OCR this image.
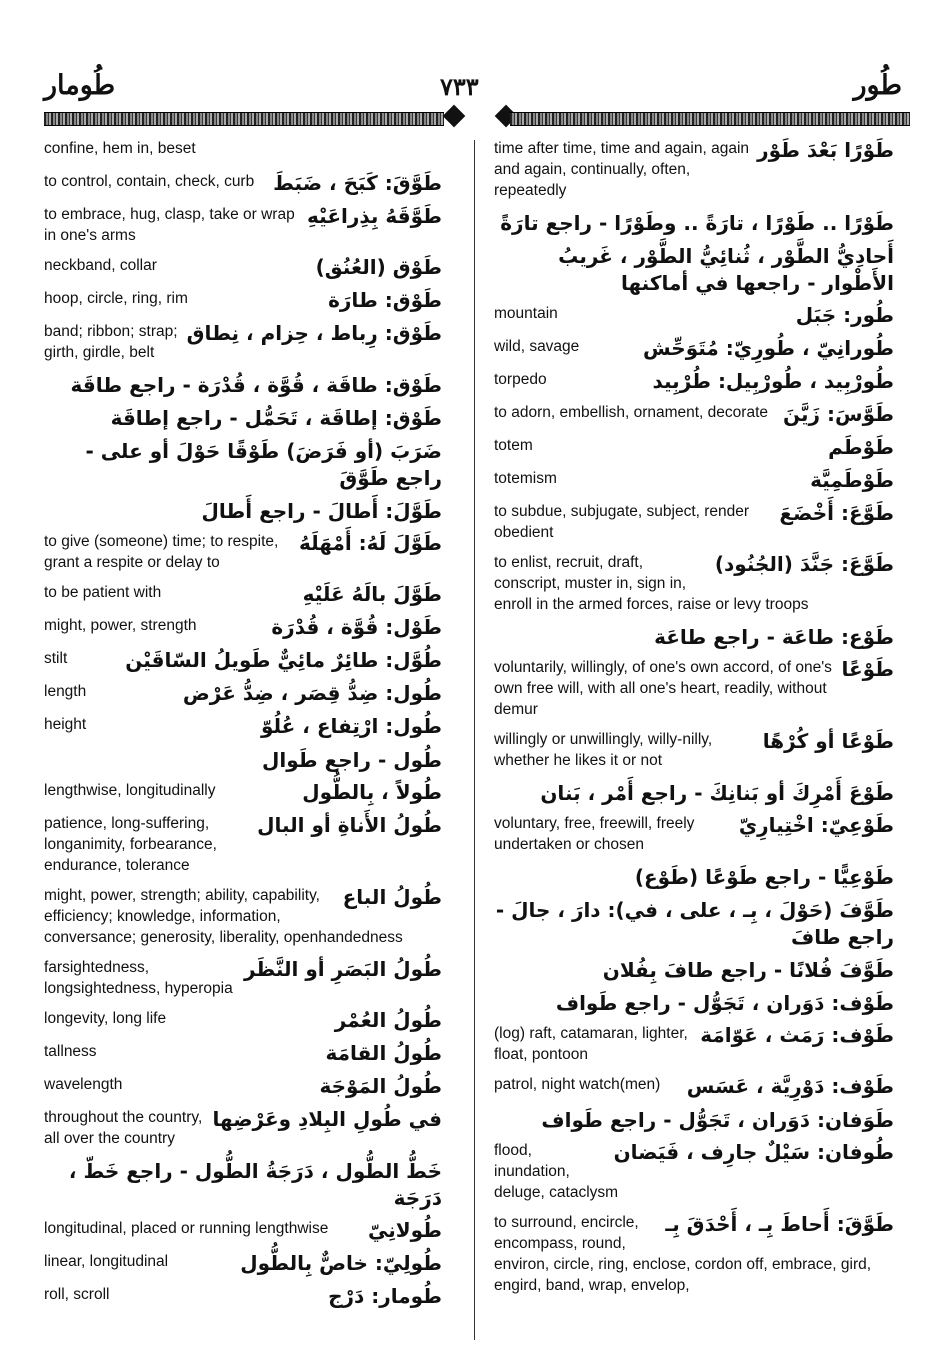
طُومار	٧٣٣	طُور
confine, hem in, beset
طَوَّقَ: كَبَحَ ، ضَبَطَ
to control, contain, check, curb
طَوَّقَهُ بِذِراعَيْهِ
to embrace, hug, clasp, take or wrap in one's arms
طَوْق (العُنُق)
neckband, collar
طَوْق: طارَة
hoop, circle, ring, rim
طَوْق: رِباط ، حِزام ، نِطاق
band; ribbon; strap; girth, girdle, belt
طَوْق: طاقَة ، قُوَّة ، قُدْرَة - راجع طاقَة
طَوْق: إطاقَة ، تَحَمُّل - راجع إطاقَة
ضَرَبَ (أو فَرَضَ) طَوْقًا حَوْلَ أو على - راجع طَوَّقَ
طَوَّلَ: أَطالَ - راجع أَطالَ
طَوَّلَ لَهُ: أَمْهَلَهُ
to give (someone) time; to respite, grant a respite or delay to
طَوَّلَ بالَهُ عَلَيْهِ
to be patient with
طَوْل: قُوَّة ، قُدْرَة
might, power, strength
طُوَّل: طائِرٌ مائِيٌّ طَويلُ السّاقَيْن
stilt
طُول: ضِدُّ قِصَر ، ضِدُّ عَرْض
length
طُول: ارْتِفاع ، عُلُوّ
height
طُول - راجع طَوال
طُولاً ، بِالطُّول
lengthwise, longitudinally
طُولُ الأَناةِ أو البال
patience, long-suffering, longanimity, forbearance, endurance, tolerance
طُولُ الباع
might, power, strength; ability, capability, efficiency; knowledge, information, conversance; generosity, liberality, openhandedness
طُولُ البَصَرِ أو النَّظَر
farsightedness, longsightedness, hyperopia
طُولُ العُمْر
longevity, long life
طُولُ القامَة
tallness
طُولُ المَوْجَة
wavelength
في طُولِ البِلادِ وعَرْضِها
throughout the country, all over the country
خَطُّ الطُّول ، دَرَجَةُ الطُّول - راجع خَطّ ، دَرَجَة
طُولانِيّ
longitudinal, placed or running lengthwise
طُولِيّ: خاصٌّ بِالطُّول
linear, longitudinal
طُومار: دَرْج
roll, scroll
طَوْرًا بَعْدَ طَوْر
time after time, time and again, again and again, continually, often, repeatedly
طَوْرًا .. طَوْرًا ، تارَةً .. وطَوْرًا - راجع تارَةً
أَحادِيُّ الطَّوْر ، ثُنائِيُّ الطَّوْر ، غَريبُ الأَطْوار - راجعها في أماكنها
طُور: جَبَل
mountain
طُورانِيّ ، طُورِيّ: مُتَوَحِّش
wild, savage
طُورْبِيد ، طُورْبِيل: طُرْبِيد
torpedo
طَوَّسَ: زَيَّنَ
to adorn, embellish, ornament, decorate
طَوْطَم
totem
طَوْطَمِيَّة
totemism
طَوَّعَ: أَخْضَعَ
to subdue, subjugate, subject, render obedient
طَوَّعَ: جَنَّدَ (الجُنُود)
to enlist, recruit, draft, conscript, muster in, sign in, enroll in the armed forces, raise or levy troops
طَوْع: طاعَة - راجع طاعَة
طَوْعًا
voluntarily, willingly, of one's own accord, of one's own free will, with all one's heart, readily, without demur
طَوْعًا أو كُرْهًا
willingly or unwillingly, willy-nilly, whether he likes it or not
طَوْعَ أَمْرِكَ أو بَنانِكَ - راجع أَمْر ، بَنان
طَوْعِيّ: اخْتِيارِيّ
voluntary, free, freewill, freely undertaken or chosen
طَوْعِيًّا - راجع طَوْعًا (طَوْع)
طَوَّفَ (حَوْلَ ، بِـ ، على ، في): دارَ ، جالَ - راجع طافَ
طَوَّفَ فُلانًا - راجع طافَ بِفُلان
طَوْف: دَوَران ، تَجَوُّل - راجع طَواف
طَوْف: رَمَث ، عَوّامَة
(log) raft, catamaran, lighter, float, pontoon
طَوْف: دَوْرِيَّة ، عَسَس
patrol, night watch(men)
طَوَفان: دَوَران ، تَجَوُّل - راجع طَواف
طُوفان: سَيْلٌ جارِف ، فَيَضان
flood, inundation, deluge, cataclysm
طَوَّقَ: أَحاطَ بِـ ، أَحْدَقَ بِـ
to surround, encircle, encompass, round, environ, circle, ring, enclose, cordon off, embrace, gird, engird, band, wrap, envelop,
